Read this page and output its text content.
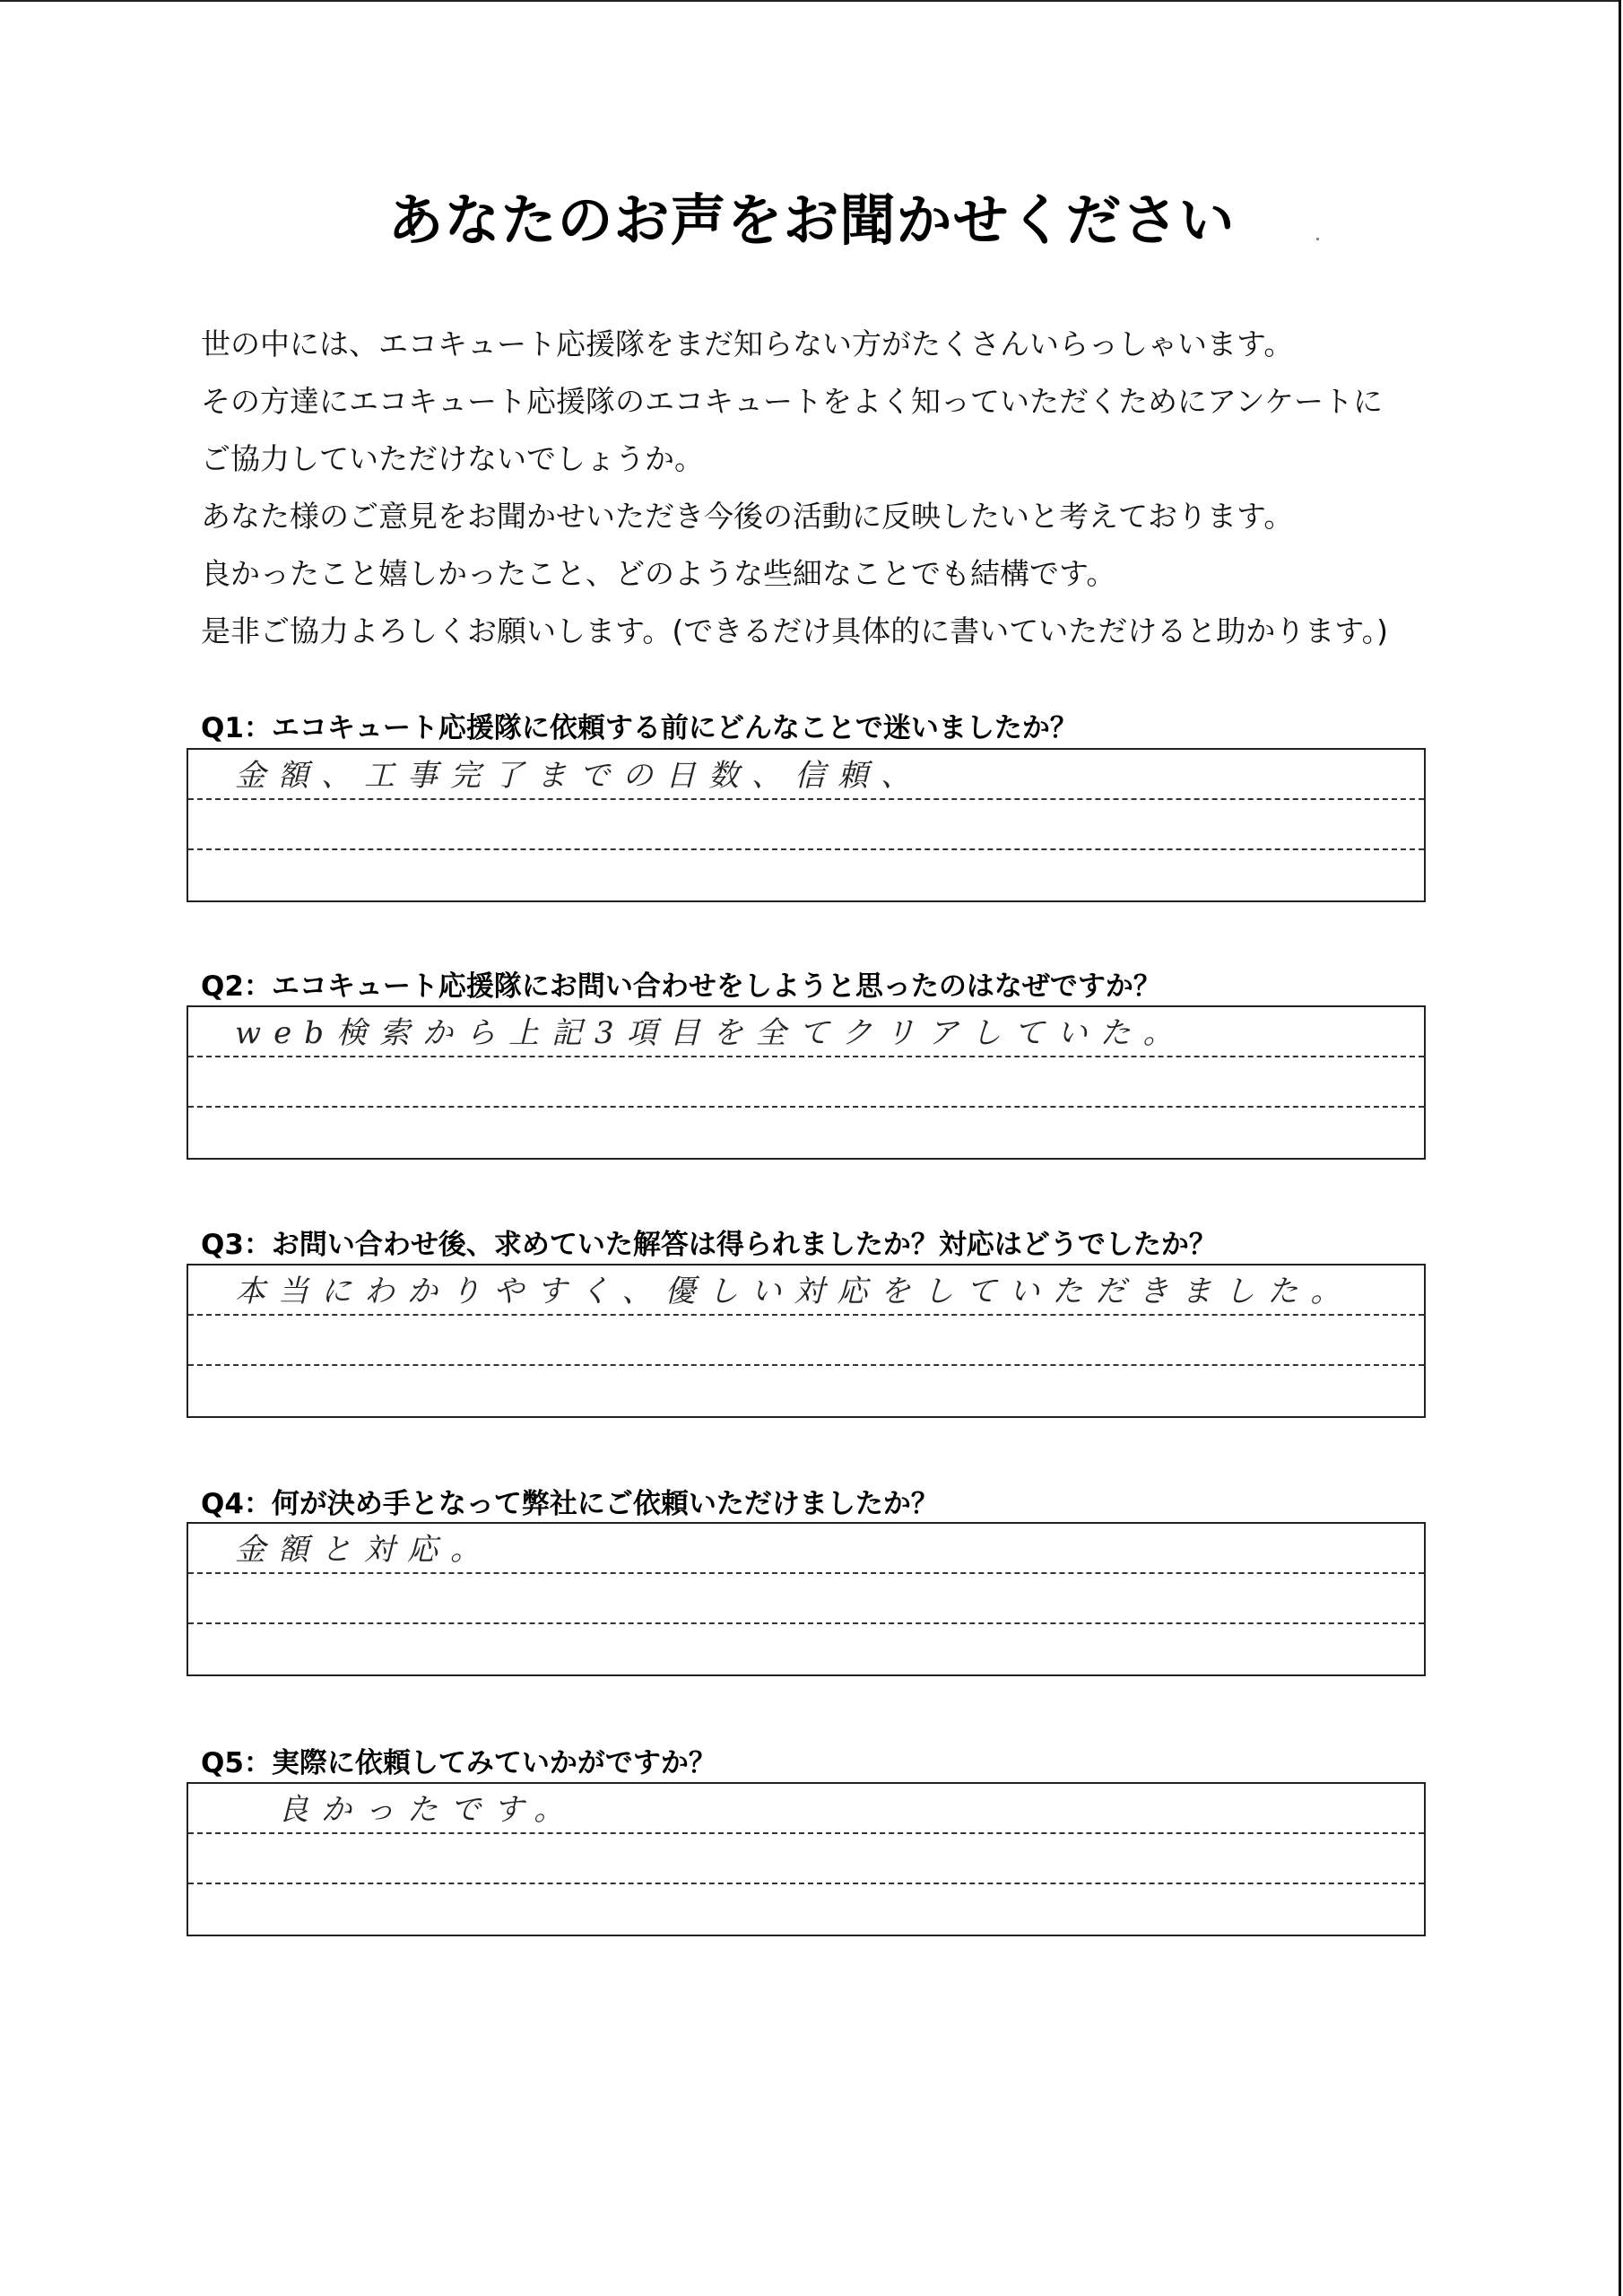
あなたのお声をお聞かせください
世の中には、エコキュート応援隊をまだ知らない方がたくさんいらっしゃいます。
その方達にエコキュート応援隊のエコキュートをよく知っていただくためにアンケートに
ご協力していただけないでしょうか。
あなた様のご意見をお聞かせいただき今後の活動に反映したいと考えております。
良かったこと嬉しかったこと、どのような些細なことでも結構です。
是非ご協力よろしくお願いします。(できるだけ具体的に書いていただけると助かります。)
Q1：エコキュート応援隊に依頼する前にどんなことで迷いましたか？
金額、工事完了までの日数、信頼、
Q2：エコキュート応援隊にお問い合わせをしようと思ったのはなぜですか？
web検索から上記3項目を全てクリアしていた。
Q3：お問い合わせ後、求めていた解答は得られましたか？対応はどうでしたか？
本当にわかりやすく、優しい対応をしていただきました。
Q4：何が決め手となって弊社にご依頼いただけましたか？
金額と対応。
Q5：実際に依頼してみていかがですか？
良かったです。
